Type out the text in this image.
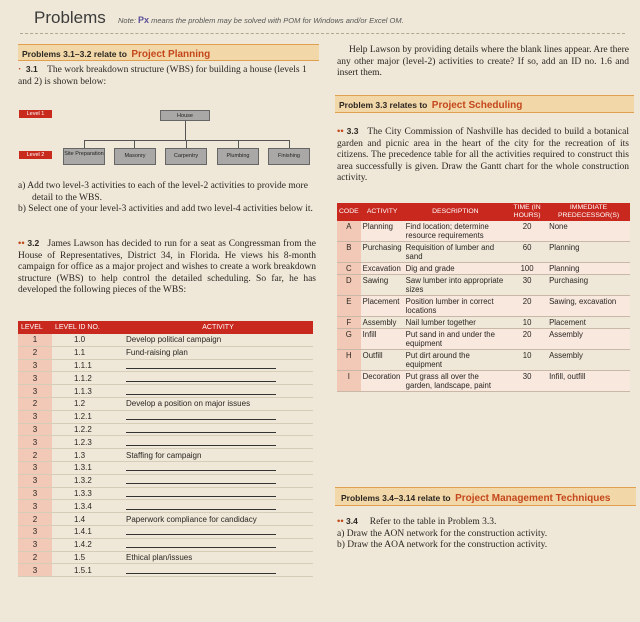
Problems Note: Px means the problem may be solved with POM for Windows and/or Excel OM.
Problems 3.1–3.2 relate to Project Planning
· 3.1 The work breakdown structure (WBS) for building a house (levels 1 and 2) is shown below:
Level 1
Level 2
House
Site Preparation	Masonry	Carpentry	Plumbing	Finishing
a) Add two level-3 activities to each of the level-2 activities to provide more detail to the WBS.
b) Select one of your level-3 activities and add two level-4 activities below it.
•• 3.2 James Lawson has decided to run for a seat as Congressman from the House of Representatives, District 34, in Florida. He views his 8-month campaign for office as a major project and wishes to create a work breakdown structure (WBS) to help control the detailed scheduling. So far, he has developed the following pieces of the WBS:
LEVEL	LEVEL ID NO.	ACTIVITY
1	1.0	Develop political campaign
2	1.1	Fund-raising plan
3	1.1.1	
3	1.1.2	
3	1.1.3	
2	1.2	Develop a position on major issues
3	1.2.1	
3	1.2.2	
3	1.2.3	
2	1.3	Staffing for campaign
3	1.3.1	
3	1.3.2	
3	1.3.3	
3	1.3.4	
2	1.4	Paperwork compliance for candidacy
3	1.4.1	
3	1.4.2	
2	1.5	Ethical plan/issues
3	1.5.1	
Help Lawson by providing details where the blank lines appear. Are there any other major (level-2) activities to create? If so, add an ID no. 1.6 and insert them.
Problem 3.3 relates to Project Scheduling
•• 3.3 The City Commission of Nashville has decided to build a botanical garden and picnic area in the heart of the city for the recreation of its citizens. The precedence table for all the activities required to construct this area successfully is given. Draw the Gantt chart for the whole construction activity.
CODE	ACTIVITY	DESCRIPTION	TIME (IN HOURS)	IMMEDIATE PREDECESSOR(S)
A	Planning	Find location; determine resource requirements	20	None
B	Purchasing	Requisition of lumber and sand	60	Planning
C	Excavation	Dig and grade	100	Planning
D	Sawing	Saw lumber into appropriate sizes	30	Purchasing
E	Placement	Position lumber in correct locations	20	Sawing, excavation
F	Assembly	Nail lumber together	10	Placement
G	Infill	Put sand in and under the equipment	20	Assembly
H	Outfill	Put dirt around the equipment	10	Assembly
I	Decoration	Put grass all over the garden, landscape, paint	30	Infill, outfill
Problems 3.4–3.14 relate to Project Management Techniques
•• 3.4 Refer to the table in Problem 3.3.
a) Draw the AON network for the construction activity.
b) Draw the AOA network for the construction activity.
